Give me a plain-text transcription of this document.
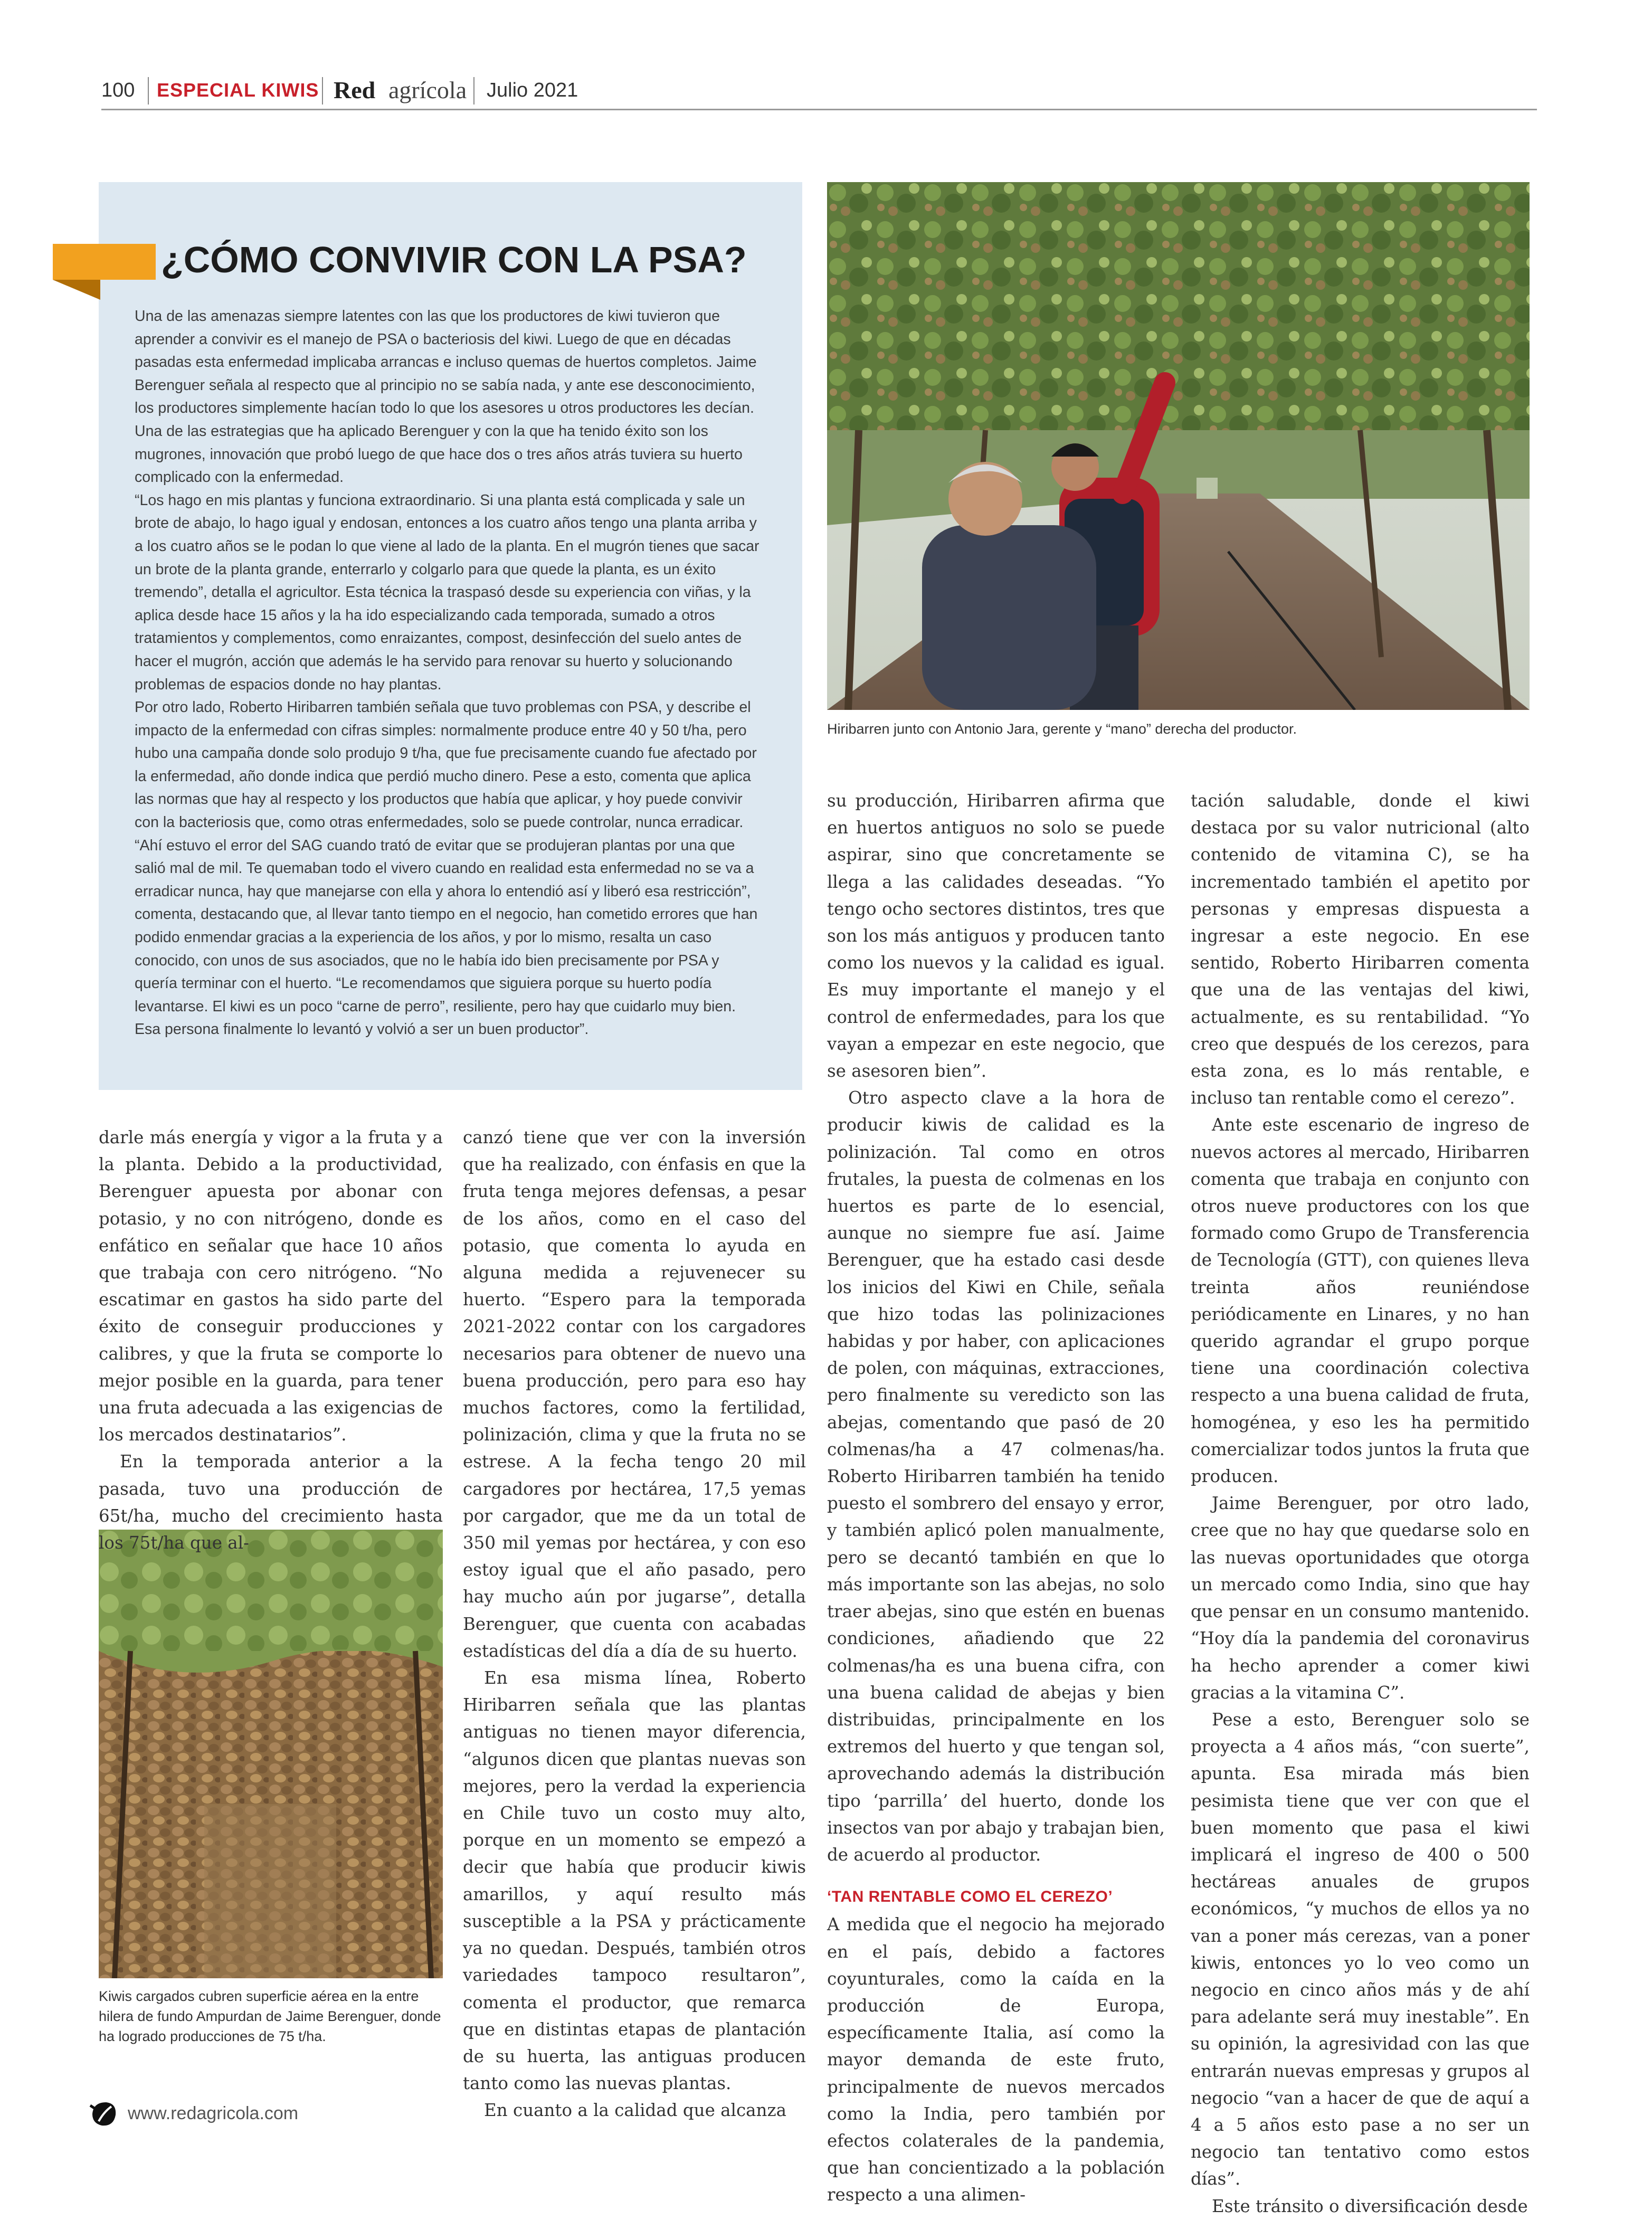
100 ESPECIAL KIWIS Red agrícola Julio 2021
¿CÓMO CONVIVIR CON LA PSA?

Una de las amenazas siempre latentes con las que los productores de kiwi tuvieron que aprender a convivir es el manejo de PSA o bacteriosis del kiwi. Luego de que en décadas pasadas esta enfermedad implicaba arrancas e incluso quemas de huertos completos. Jaime Berenguer señala al respecto que al principio no se sabía nada, y ante ese desconocimiento, los productores simplemente hacían todo lo que los asesores u otros productores les decían. Una de las estrategias que ha aplicado Berenguer y con la que ha tenido éxito son los mugrones, innovación que probó luego de que hace dos o tres años atrás tuviera su huerto complicado con la enfermedad.

“Los hago en mis plantas y funciona extraordinario. Si una planta está complicada y sale un brote de abajo, lo hago igual y endosan, entonces a los cuatro años tengo una planta arriba y a los cuatro años se le podan lo que viene al lado de la planta. En el mugrón tienes que sacar un brote de la planta grande, enterrarlo y colgarlo para que quede la planta, es un éxito tremendo”, detalla el agricultor. Esta técnica la traspasó desde su experiencia con viñas, y la aplica desde hace 15 años y la ha ido especializando cada temporada, sumado a otros tratamientos y complementos, como enraizantes, compost, desinfección del suelo antes de hacer el mugrón, acción que además le ha servido para renovar su huerto y solucionando problemas de espacios donde no hay plantas.

Por otro lado, Roberto Hiribarren también señala que tuvo problemas con PSA, y describe el impacto de la enfermedad con cifras simples: normalmente produce entre 40 y 50 t/ha, pero hubo una campaña donde solo produjo 9 t/ha, que fue precisamente cuando fue afectado por la enfermedad, año donde indica que perdió mucho dinero. Pese a esto, comenta que aplica las normas que hay al respecto y los productos que había que aplicar, y hoy puede convivir con la bacteriosis que, como otras enfermedades, solo se puede controlar, nunca erradicar. “Ahí estuvo el error del SAG cuando trató de evitar que se produjeran plantas por una que salió mal de mil. Te quemaban todo el vivero cuando en realidad esta enfermedad no se va a erradicar nunca, hay que manejarse con ella y ahora lo entendió así y liberó esa restricción”, comenta, destacando que, al llevar tanto tiempo en el negocio, han cometido errores que han podido enmendar gracias a la experiencia de los años, y por lo mismo, resalta un caso conocido, con unos de sus asociados, que no le había ido bien precisamente por PSA y quería terminar con el huerto. “Le recomendamos que siguiera porque su huerto podía levantarse. El kiwi es un poco “carne de perro”, resiliente, pero hay que cuidarlo muy bien. Esa persona finalmente lo levantó y volvió a ser un buen productor”.

Hiribarren junto con Antonio Jara, gerente y “mano” derecha del productor.
Kiwis cargados cubren superficie aérea en la entre hilera de fundo Ampurdan de Jaime Berenguer, donde ha logrado producciones de 75 t/ha.

darle más energía y vigor a la fruta y a la planta. Debido a la productividad, Berenguer apuesta por abonar con potasio, y no con nitrógeno, donde es enfático en señalar que hace 10 años que trabaja con cero nitrógeno. “No escatimar en gastos ha sido parte del éxito de conseguir producciones y calibres, y que la fruta se comporte lo mejor posible en la guarda, para tener una fruta adecuada a las exigencias de los mercados destinatarios”.

En la temporada anterior a la pasada, tuvo una producción de 65t/ha, mucho del crecimiento hasta los 75t/ha que al-

canzó tiene que ver con la inversión que ha realizado, con énfasis en que la fruta tenga mejores defensas, a pesar de los años, como en el caso del potasio, que comenta lo ayuda en alguna medida a rejuvenecer su huerto. “Espero para la temporada 2021-2022 contar con los cargadores necesarios para obtener de nuevo una buena producción, pero para eso hay muchos factores, como la fertilidad, polinización, clima y que la fruta no se estrese. A la fecha tengo 20 mil cargadores por hectárea, 17,5 yemas por cargador, que me da un total de 350 mil yemas por hectárea, y con eso estoy igual que el año pasado, pero hay mucho aún por jugarse”, detalla Berenguer, que cuenta con acabadas estadísticas del día a día de su huerto.

En esa misma línea, Roberto Hiribarren señala que las plantas antiguas no tienen mayor diferencia, “algunos dicen que plantas nuevas son mejores, pero la verdad la experiencia en Chile tuvo un costo muy alto, porque en un momento se empezó a decir que había que producir kiwis amarillos, y aquí resulto más susceptible a la PSA y prácticamente ya no quedan. Después, también otros variedades tampoco resultaron”, comenta el productor, que remarca que en distintas etapas de plantación de su huerta, las antiguas producen tanto como las nuevas plantas.

En cuanto a la calidad que alcanza

su producción, Hiribarren afirma que en huertos antiguos no solo se puede aspirar, sino que concretamente se llega a las calidades deseadas. “Yo tengo ocho sectores distintos, tres que son los más antiguos y producen tanto como los nuevos y la calidad es igual. Es muy importante el manejo y el control de enfermedades, para los que vayan a empezar en este negocio, que se asesoren bien”.

Otro aspecto clave a la hora de producir kiwis de calidad es la polinización. Tal como en otros frutales, la puesta de colmenas en los huertos es parte de lo esencial, aunque no siempre fue así. Jaime Berenguer, que ha estado casi desde los inicios del Kiwi en Chile, señala que hizo todas las polinizaciones habidas y por haber, con aplicaciones de polen, con máquinas, extracciones, pero finalmente su veredicto son las abejas, comentando que pasó de 20 colmenas/ha a 47 colmenas/ha. Roberto Hiribarren también ha tenido puesto el sombrero del ensayo y error, y también aplicó polen manualmente, pero se decantó también en que lo más importante son las abejas, no solo traer abejas, sino que estén en buenas condiciones, añadiendo que 22 colmenas/ha es una buena cifra, con una buena calidad de abejas y bien distribuidas, principalmente en los extremos del huerto y que tengan sol, aprovechando además la distribución tipo ‘parrilla’ del huerto, donde los insectos van por abajo y trabajan bien, de acuerdo al productor.

‘TAN RENTABLE COMO EL CEREZO’

A medida que el negocio ha mejorado en el país, debido a factores coyunturales, como la caída en la producción de Europa, específicamente Italia, así como la mayor demanda de este fruto, principalmente de nuevos mercados como la India, pero también por efectos colaterales de la pandemia, que han concientizado a la población respecto a una alimen-

tación saludable, donde el kiwi destaca por su valor nutricional (alto contenido de vitamina C), se ha incrementado también el apetito por personas y empresas dispuesta a ingresar a este negocio. En ese sentido, Roberto Hiribarren comenta que una de las ventajas del kiwi, actualmente, es su rentabilidad. “Yo creo que después de los cerezos, para esta zona, es lo más rentable, e incluso tan rentable como el cerezo”.

Ante este escenario de ingreso de nuevos actores al mercado, Hiribarren comenta que trabaja en conjunto con otros nueve productores con los que formado como Grupo de Transferencia de Tecnología (GTT), con quienes lleva treinta años reuniéndose periódicamente en Linares, y no han querido agrandar el grupo porque tiene una coordinación colectiva respecto a una buena calidad de fruta, homogénea, y eso les ha permitido comercializar todos juntos la fruta que producen.

Jaime Berenguer, por otro lado, cree que no hay que quedarse solo en las nuevas oportunidades que otorga un mercado como India, sino que hay que pensar en un consumo mantenido. “Hoy día la pandemia del coronavirus ha hecho aprender a comer kiwi gracias a la vitamina C”.

Pese a esto, Berenguer solo se proyecta a 4 años más, “con suerte”, apunta. Esa mirada más bien pesimista tiene que ver con que el buen momento que pasa el kiwi implicará el ingreso de 400 o 500 hectáreas anuales de grupos económicos, “y muchos de ellos ya no van a poner más cerezas, van a poner kiwis, entonces yo lo veo como un negocio en cinco años más y de ahí para adelante será muy inestable”. En su opinión, la agresividad con las que entrarán nuevas empresas y grupos al negocio “van a hacer de que de aquí a 4 a 5 años esto pase a no ser un negocio tan tentativo como estos días”.

Este tránsito o diversificación desde

www.redagricola.com
